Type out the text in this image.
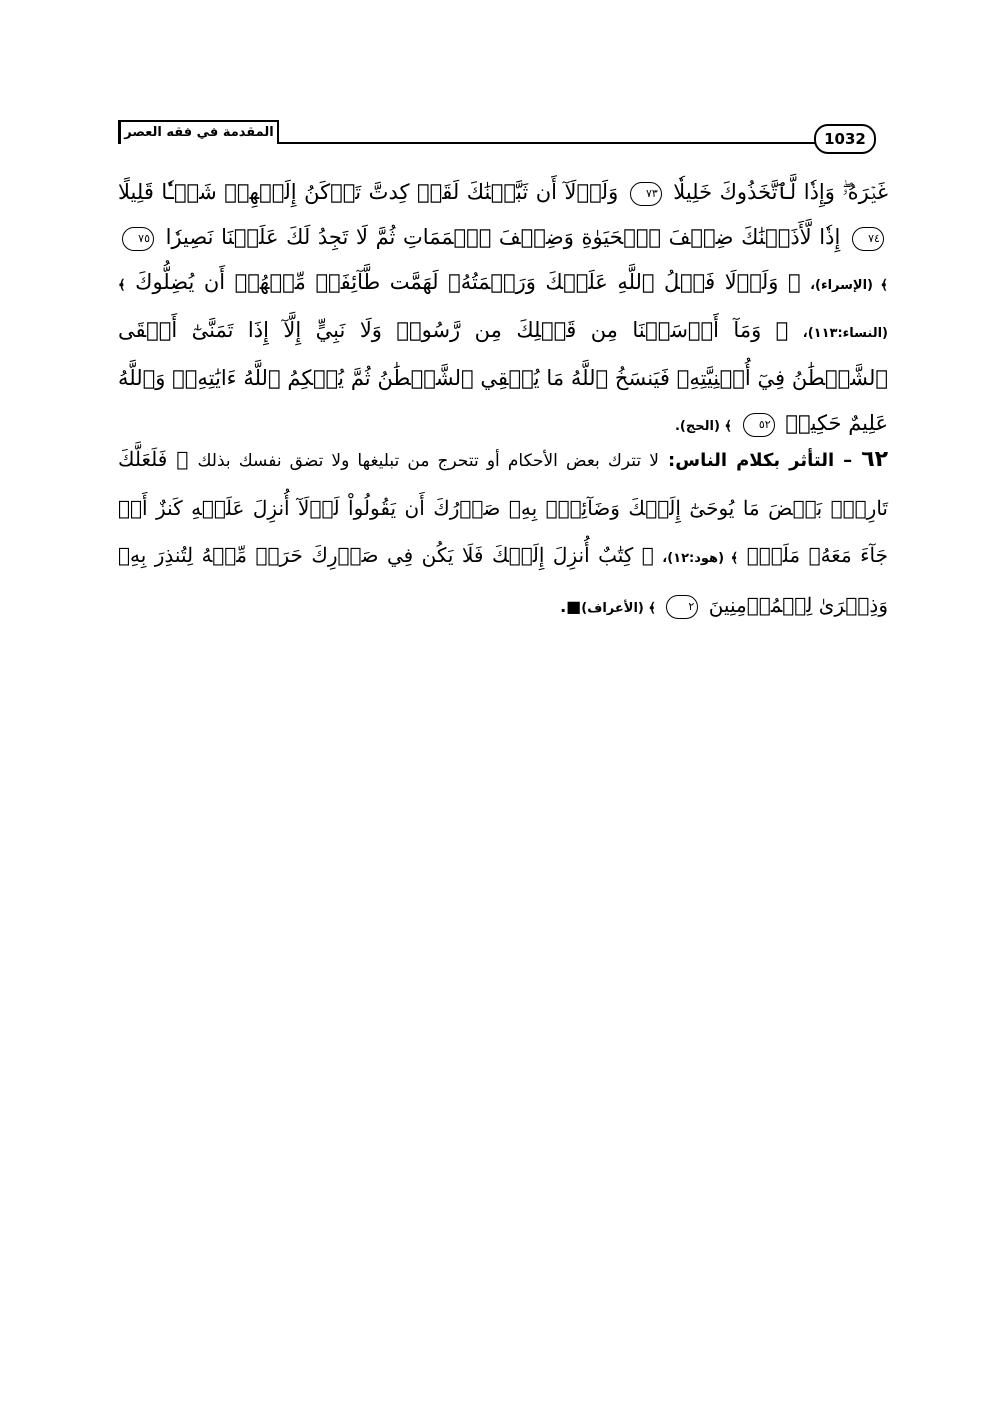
المقدمة في فقه العصر	1032
غَيۡرَهُۥۖ وَإِذٗا لَّٱتَّخَذُوكَ خَلِيلٗا ٧٣ وَلَوۡلَآ أَن ثَبَّتۡنَٰكَ لَقَدۡ كِدتَّ تَرۡكَنُ إِلَيۡهِمۡ شَيۡـٔٗا قَلِيلًا ٧٤ إِذٗا لَّأَذَقۡنَٰكَ ضِعۡفَ ٱلۡحَيَوٰةِ وَضِعۡفَ ٱلۡمَمَاتِ ثُمَّ لَا تَجِدُ لَكَ عَلَيۡنَا نَصِيرٗا ٧٥ ﴾ (الإسراء)، ﴿ وَلَوۡلَا فَضۡلُ ٱللَّهِ عَلَيۡكَ وَرَحۡمَتُهُۥ لَهَمَّت طَّآئِفَةٞ مِّنۡهُمۡ أَن يُضِلُّوكَ ﴾ (النساء:١١٣)، ﴿ وَمَآ أَرۡسَلۡنَا مِن قَبۡلِكَ مِن رَّسُولٖ وَلَا نَبِيٍّ إِلَّآ إِذَا تَمَنَّىٰٓ أَلۡقَى ٱلشَّيۡطَٰنُ فِيٓ أُمۡنِيَّتِهِۦ فَيَنسَخُ ٱللَّهُ مَا يُلۡقِي ٱلشَّيۡطَٰنُ ثُمَّ يُحۡكِمُ ٱللَّهُ ءَايَٰتِهِۦۗ وَٱللَّهُ عَلِيمٌ حَكِيمٞ ٥٢ ﴾ (الحج).
٦٢ – التأثر بكلام الناس: لا تترك بعض الأحكام أو تتحرج من تبليغها ولا تضق نفسك بذلك ﴿ فَلَعَلَّكَ تَارِكُۢ بَعۡضَ مَا يُوحَىٰٓ إِلَيۡكَ وَضَآئِقُۢ بِهِۦ صَدۡرُكَ أَن يَقُولُواْ لَوۡلَآ أُنزِلَ عَلَيۡهِ كَنزٌ أَوۡ جَآءَ مَعَهُۥ مَلَكٌۚ ﴾ (هود:١٢)، ﴿ كِتَٰبٌ أُنزِلَ إِلَيۡكَ فَلَا يَكُن فِي صَدۡرِكَ حَرَجٞ مِّنۡهُ لِتُنذِرَ بِهِۦ وَذِكۡرَىٰ لِلۡمُؤۡمِنِينَ ٢ ﴾ (الأعراف)■.
